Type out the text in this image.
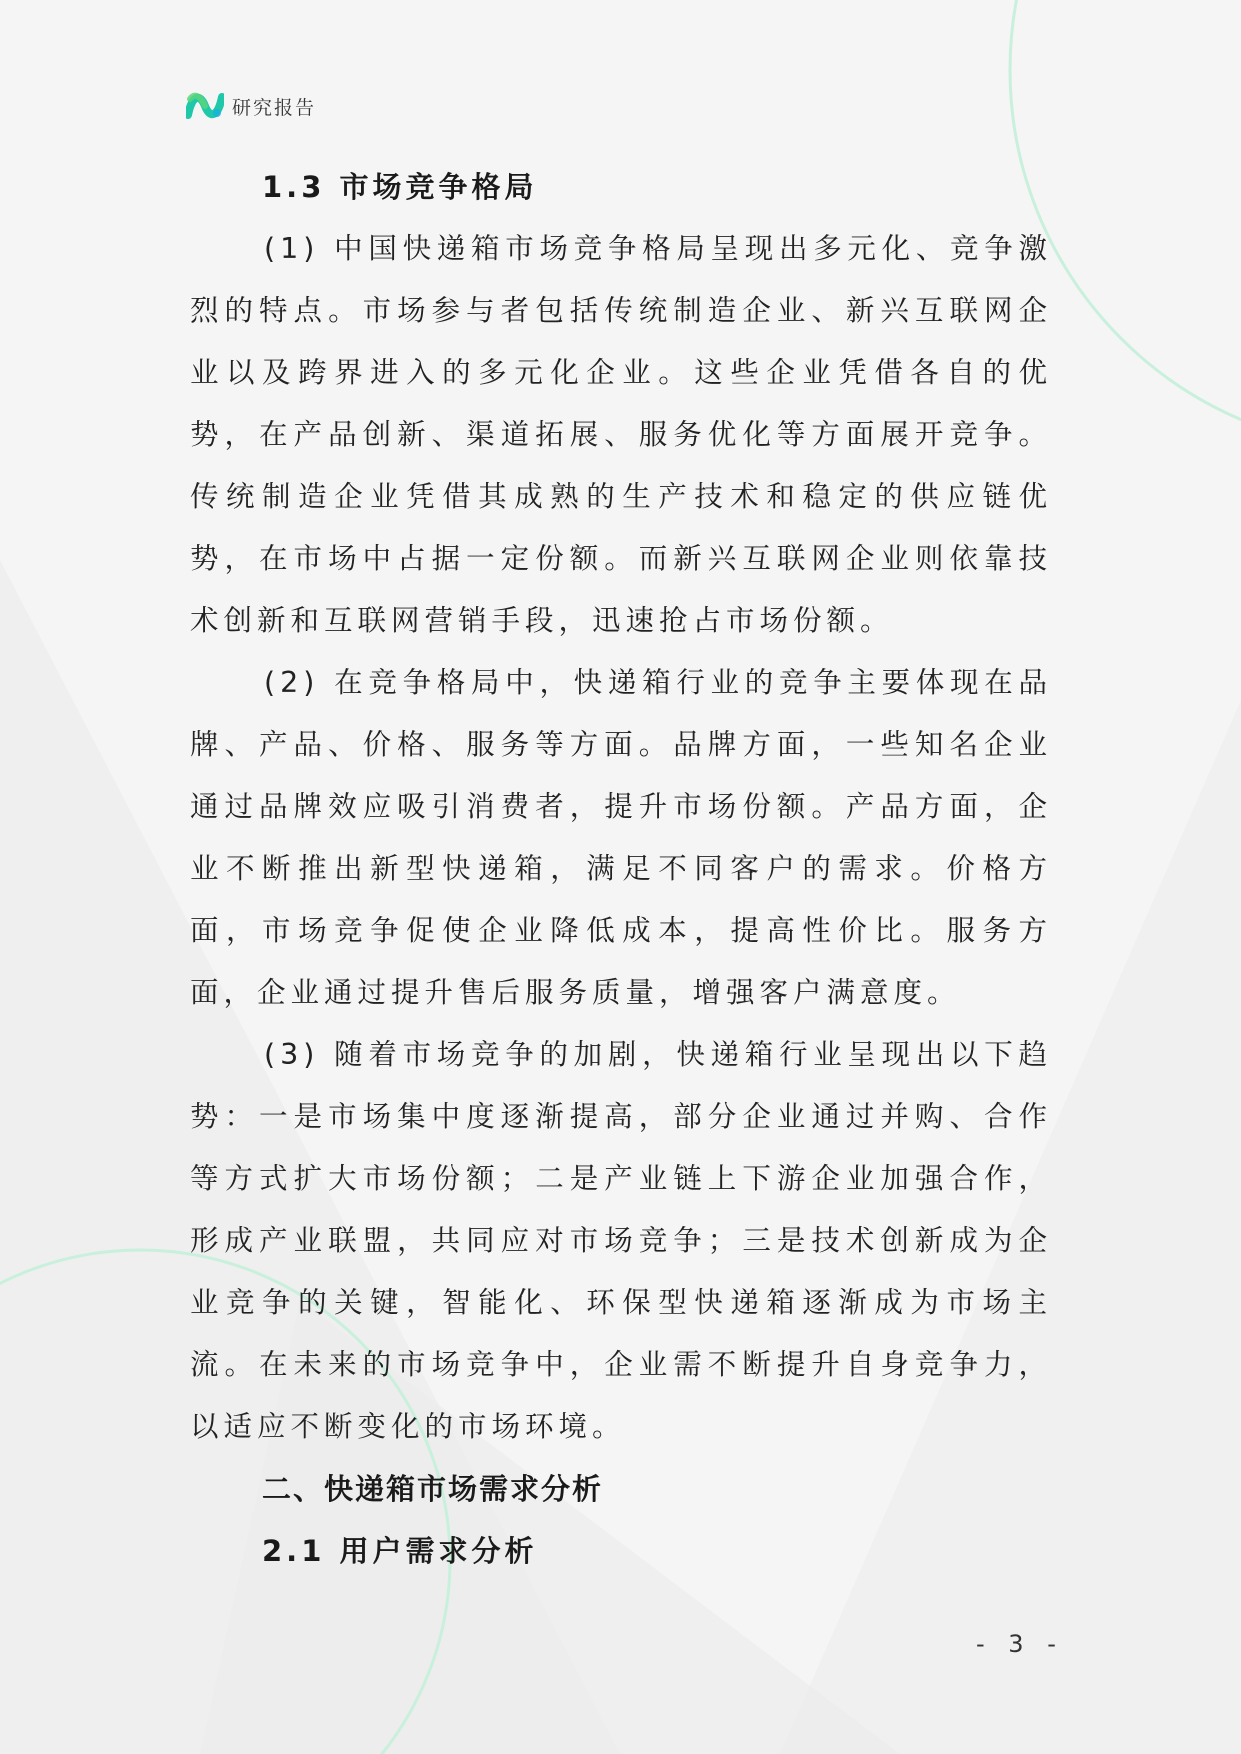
研究报告
1.3 市场竞争格局

(1) 中国快递箱市场竞争格局呈现出多元化、竞争激烈的特点。市场参与者包括传统制造企业、新兴互联网企业以及跨界进入的多元化企业。这些企业凭借各自的优势，在产品创新、渠道拓展、服务优化等方面展开竞争。传统制造企业凭借其成熟的生产技术和稳定的供应链优势，在市场中占据一定份额。而新兴互联网企业则依靠技术创新和互联网营销手段，迅速抢占市场份额。

(2) 在竞争格局中，快递箱行业的竞争主要体现在品牌、产品、价格、服务等方面。品牌方面，一些知名企业通过品牌效应吸引消费者，提升市场份额。产品方面，企业不断推出新型快递箱，满足不同客户的需求。价格方面，市场竞争促使企业降低成本，提高性价比。服务方面，企业通过提升售后服务质量，增强客户满意度。

(3) 随着市场竞争的加剧，快递箱行业呈现出以下趋势：一是市场集中度逐渐提高，部分企业通过并购、合作等方式扩大市场份额；二是产业链上下游企业加强合作，形成产业联盟，共同应对市场竞争；三是技术创新成为企业竞争的关键，智能化、环保型快递箱逐渐成为市场主流。在未来的市场竞争中，企业需不断提升自身竞争力，以适应不断变化的市场环境。

二、快递箱市场需求分析
2.1 用户需求分析
- 3 -
